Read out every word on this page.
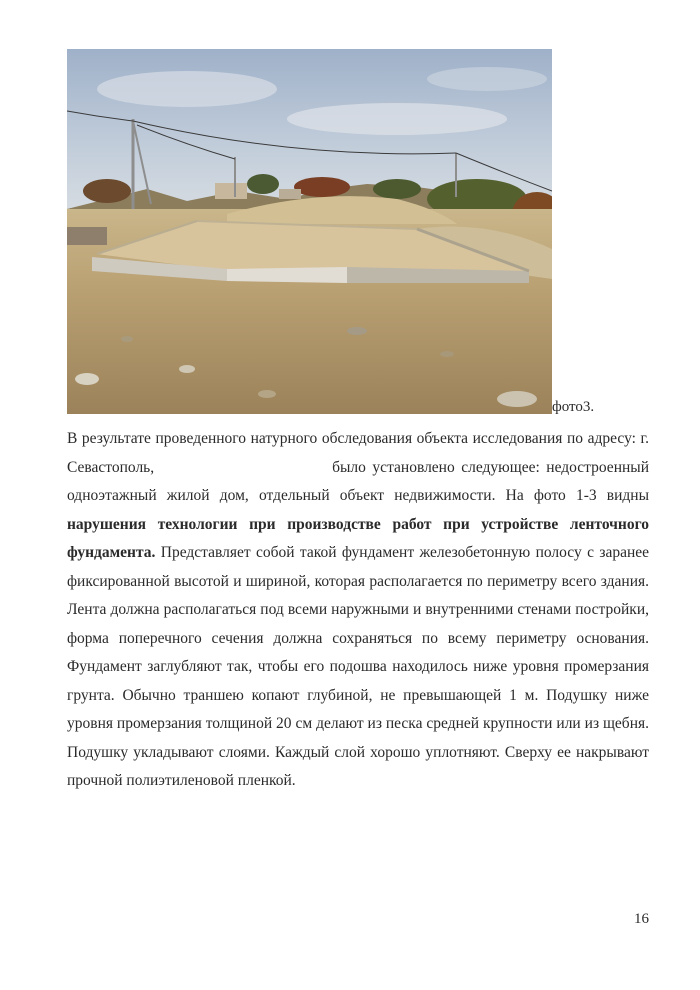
фото3.

В результате проведенного натурного обследования объекта исследования по адресу: г. Севастополь,	было установлено следующее: недостроенный одноэтажный жилой дом, отдельный объект недвижимости. На фото 1-3 видны нарушения технологии при производстве работ при устройстве ленточного фундамента. Представляет собой такой фундамент железобетонную полосу с заранее фиксированной высотой и шириной, которая располагается по периметру всего здания. Лента должна располагаться под всеми наружными и внутренними стенами постройки, форма поперечного сечения должна сохраняться по всему периметру основания. Фундамент заглубляют так, чтобы его подошва находилось ниже уровня промерзания грунта. Обычно траншею копают глубиной, не превышающей 1 м. Подушку ниже уровня промерзания толщиной 20 см делают из песка средней крупности или из щебня. Подушку укладывают слоями. Каждый слой хорошо уплотняют. Сверху ее накрывают прочной полиэтиленовой пленкой.

16
